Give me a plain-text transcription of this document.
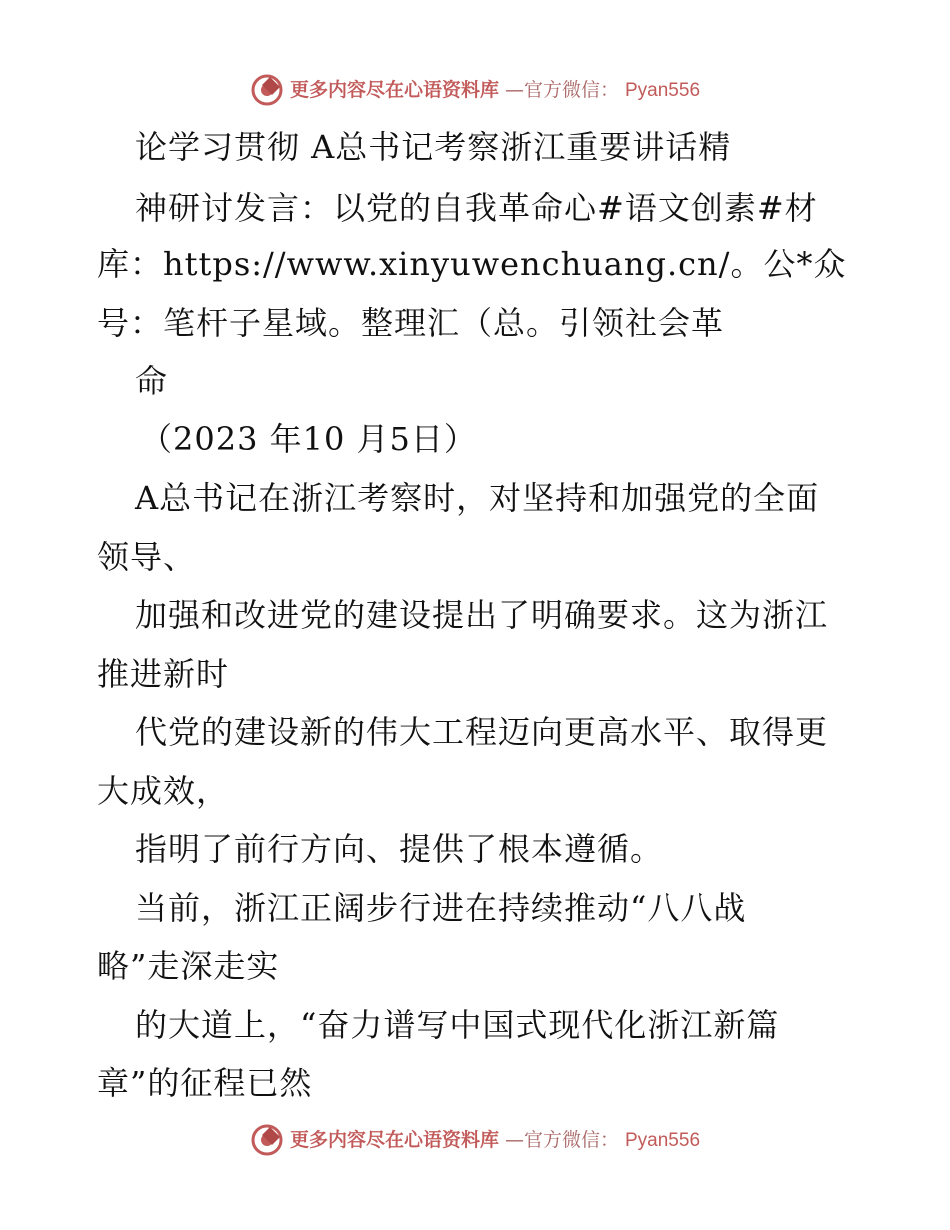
更多内容尽在心语资料库 —官方微信： Pyan556
论学习贯彻 A总书记考察浙江重要讲话精
神研讨发言：以党的自我革命心#语文创素#材
库：https://www.xinyuwenchuang.cn/。公*众
号：笔杆子星域。整理汇（总。引领社会革
命
（2023 年10 月5日）
A总书记在浙江考察时，对坚持和加强党的全面
领导、
加强和改进党的建设提出了明确要求。这为浙江
推进新时
代党的建设新的伟大工程迈向更高水平、取得更
大成效，
指明了前行方向、提供了根本遵循。
当前，浙江正阔步行进在持续推动“八八战
略”走深走实
的大道上，“奋力谱写中国式现代化浙江新篇
章”的征程已然
更多内容尽在心语资料库 —官方微信： Pyan556
